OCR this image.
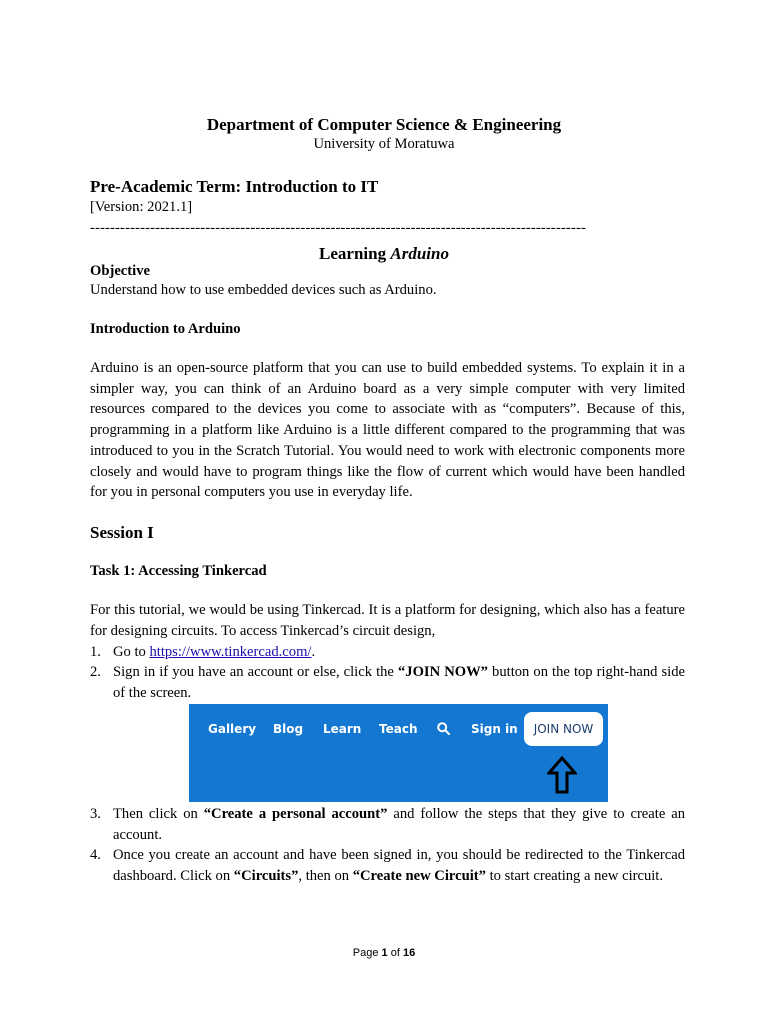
Department of Computer Science & Engineering
University of Moratuwa
Pre-Academic Term: Introduction to IT
[Version: 2021.1]
---------------------------------------------------------------------------------------------------
Learning Arduino
Objective
Understand how to use embedded devices such as Arduino.
Introduction to Arduino
Arduino is an open-source platform that you can use to build embedded systems. To explain it in a simpler way, you can think of an Arduino board as a very simple computer with very limited resources compared to the devices you come to associate with as “computers”. Because of this, programming in a platform like Arduino is a little different compared to the programming that was introduced to you in the Scratch Tutorial. You would need to work with electronic components more closely and would have to program things like the flow of current which would have been handled for you in personal computers you use in everyday life.
Session I
Task 1: Accessing Tinkercad
For this tutorial, we would be using Tinkercad. It is a platform for designing, which also has a feature for designing circuits. To access Tinkercad’s circuit design,
1. Go to https://www.tinkercad.com/.
2. Sign in if you have an account or else, click the “JOIN NOW” button on the top right-hand side of the screen.
Gallery Blog Learn Teach	Sign in	JOIN NOW
3. Then click on “Create a personal account” and follow the steps that they give to create an account.
4. Once you create an account and have been signed in, you should be redirected to the Tinkercad dashboard. Click on “Circuits”, then on “Create new Circuit” to start creating a new circuit.
Page 1 of 16
